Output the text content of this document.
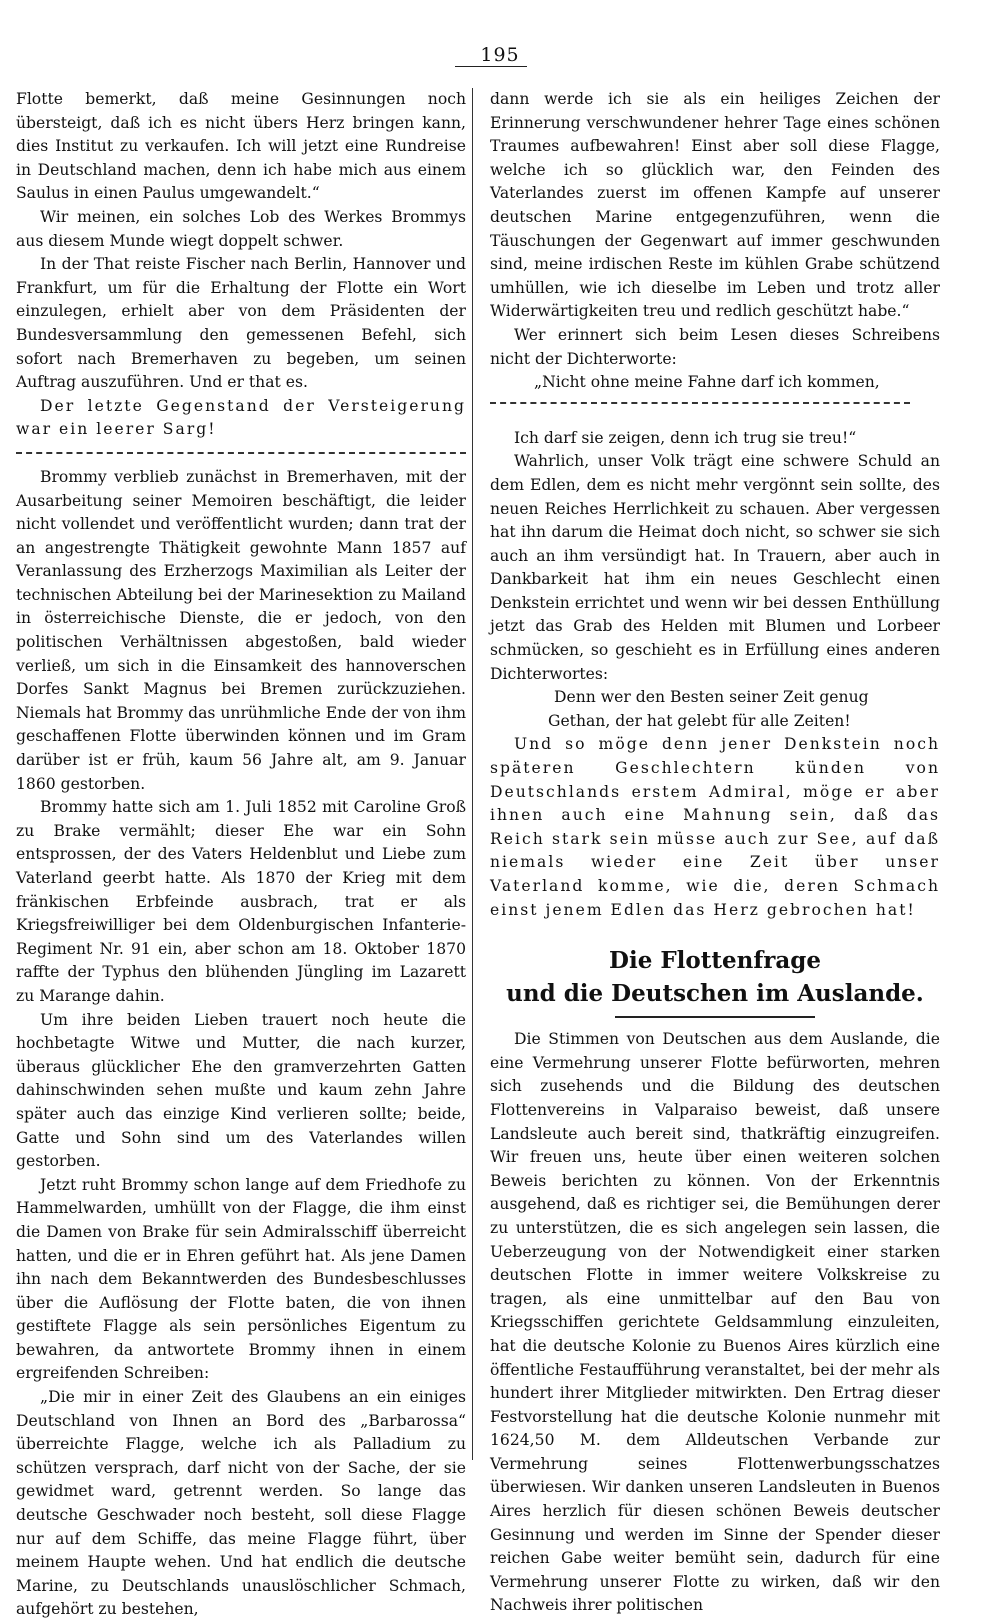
195

Flotte bemerkt, daß meine Gesinnungen noch übersteigt, daß ich es nicht übers Herz bringen kann, dies Institut zu verkaufen. Ich will jetzt eine Rundreise in Deutschland machen, denn ich habe mich aus einem Saulus in einen Paulus umgewandelt.“

Wir meinen, ein solches Lob des Werkes Brommys aus diesem Munde wiegt doppelt schwer.

In der That reiste Fischer nach Berlin, Hannover und Frankfurt, um für die Erhaltung der Flotte ein Wort einzulegen, erhielt aber von dem Präsidenten der Bundesversammlung den gemessenen Befehl, sich sofort nach Bremerhaven zu begeben, um seinen Auftrag auszuführen. Und er that es.

Der letzte Gegenstand der Versteigerung war ein leerer Sarg!

Brommy verblieb zunächst in Bremerhaven, mit der Ausarbeitung seiner Memoiren beschäftigt, die leider nicht vollendet und veröffentlicht wurden; dann trat der an angestrengte Thätigkeit gewohnte Mann 1857 auf Veranlassung des Erzherzogs Maximilian als Leiter der technischen Abteilung bei der Marinesektion zu Mailand in österreichische Dienste, die er jedoch, von den politischen Verhältnissen abgestoßen, bald wieder verließ, um sich in die Einsamkeit des hannoverschen Dorfes Sankt Magnus bei Bremen zurückzuziehen. Niemals hat Brommy das unrühmliche Ende der von ihm geschaffenen Flotte überwinden können und im Gram darüber ist er früh, kaum 56 Jahre alt, am 9. Januar 1860 gestorben.

Brommy hatte sich am 1. Juli 1852 mit Caroline Groß zu Brake vermählt; dieser Ehe war ein Sohn entsprossen, der des Vaters Heldenblut und Liebe zum Vaterland geerbt hatte. Als 1870 der Krieg mit dem fränkischen Erbfeinde ausbrach, trat er als Kriegsfreiwilliger bei dem Oldenburgischen Infanterie-Regiment Nr. 91 ein, aber schon am 18. Oktober 1870 raffte der Typhus den blühenden Jüngling im Lazarett zu Marange dahin.

Um ihre beiden Lieben trauert noch heute die hochbetagte Witwe und Mutter, die nach kurzer, überaus glücklicher Ehe den gramverzehrten Gatten dahinschwinden sehen mußte und kaum zehn Jahre später auch das einzige Kind verlieren sollte; beide, Gatte und Sohn sind um des Vaterlandes willen gestorben.

Jetzt ruht Brommy schon lange auf dem Friedhofe zu Hammelwarden, umhüllt von der Flagge, die ihm einst die Damen von Brake für sein Admiralsschiff überreicht hatten, und die er in Ehren geführt hat. Als jene Damen ihn nach dem Bekanntwerden des Bundesbeschlusses über die Auflösung der Flotte baten, die von ihnen gestiftete Flagge als sein persönliches Eigentum zu bewahren, da antwortete Brommy ihnen in einem ergreifenden Schreiben:

„Die mir in einer Zeit des Glaubens an ein einiges Deutschland von Ihnen an Bord des „Barbarossa“ überreichte Flagge, welche ich als Palladium zu schützen versprach, darf nicht von der Sache, der sie gewidmet ward, getrennt werden. So lange das deutsche Geschwader noch besteht, soll diese Flagge nur auf dem Schiffe, das meine Flagge führt, über meinem Haupte wehen. Und hat endlich die deutsche Marine, zu Deutschlands unauslöschlicher Schmach, aufgehört zu bestehen,

dann werde ich sie als ein heiliges Zeichen der Erinnerung verschwundener hehrer Tage eines schönen Traumes aufbewahren! Einst aber soll diese Flagge, welche ich so glücklich war, den Feinden des Vaterlandes zuerst im offenen Kampfe auf unserer deutschen Marine entgegenzuführen, wenn die Täuschungen der Gegenwart auf immer geschwunden sind, meine irdischen Reste im kühlen Grabe schützend umhüllen, wie ich dieselbe im Leben und trotz aller Widerwärtigkeiten treu und redlich geschützt habe.“

Wer erinnert sich beim Lesen dieses Schreibens nicht der Dichterworte:

„Nicht ohne meine Fahne darf ich kommen,

Ich darf sie zeigen, denn ich trug sie treu!“

Wahrlich, unser Volk trägt eine schwere Schuld an dem Edlen, dem es nicht mehr vergönnt sein sollte, des neuen Reiches Herrlichkeit zu schauen. Aber vergessen hat ihn darum die Heimat doch nicht, so schwer sie sich auch an ihm versündigt hat. In Trauern, aber auch in Dankbarkeit hat ihm ein neues Geschlecht einen Denkstein errichtet und wenn wir bei dessen Enthüllung jetzt das Grab des Helden mit Blumen und Lorbeer schmücken, so geschieht es in Erfüllung eines anderen Dichterwortes:

Denn wer den Besten seiner Zeit genug

Gethan, der hat gelebt für alle Zeiten!

Und so möge denn jener Denkstein noch späteren Geschlechtern künden von Deutschlands erstem Admiral, möge er aber ihnen auch eine Mahnung sein, daß das Reich stark sein müsse auch zur See, auf daß niemals wieder eine Zeit über unser Vaterland komme, wie die, deren Schmach einst jenem Edlen das Herz gebrochen hat!

Die Flottenfrage
und die Deutschen im Auslande.

Die Stimmen von Deutschen aus dem Auslande, die eine Vermehrung unserer Flotte befürworten, mehren sich zusehends und die Bildung des deutschen Flottenvereins in Valparaiso beweist, daß unsere Landsleute auch bereit sind, thatkräftig einzugreifen. Wir freuen uns, heute über einen weiteren solchen Beweis berichten zu können. Von der Erkenntnis ausgehend, daß es richtiger sei, die Bemühungen derer zu unterstützen, die es sich angelegen sein lassen, die Ueberzeugung von der Notwendigkeit einer starken deutschen Flotte in immer weitere Volkskreise zu tragen, als eine unmittelbar auf den Bau von Kriegsschiffen gerichtete Geldsammlung einzuleiten, hat die deutsche Kolonie zu Buenos Aires kürzlich eine öffentliche Festaufführung veranstaltet, bei der mehr als hundert ihrer Mitglieder mitwirkten. Den Ertrag dieser Festvorstellung hat die deutsche Kolonie nunmehr mit 1624,50 M. dem Alldeutschen Verbande zur Vermehrung seines Flottenwerbungsschatzes überwiesen. Wir danken unseren Landsleuten in Buenos Aires herzlich für diesen schönen Beweis deutscher Gesinnung und werden im Sinne der Spender dieser reichen Gabe weiter bemüht sein, dadurch für eine Vermehrung unserer Flotte zu wirken, daß wir den Nachweis ihrer politischen
